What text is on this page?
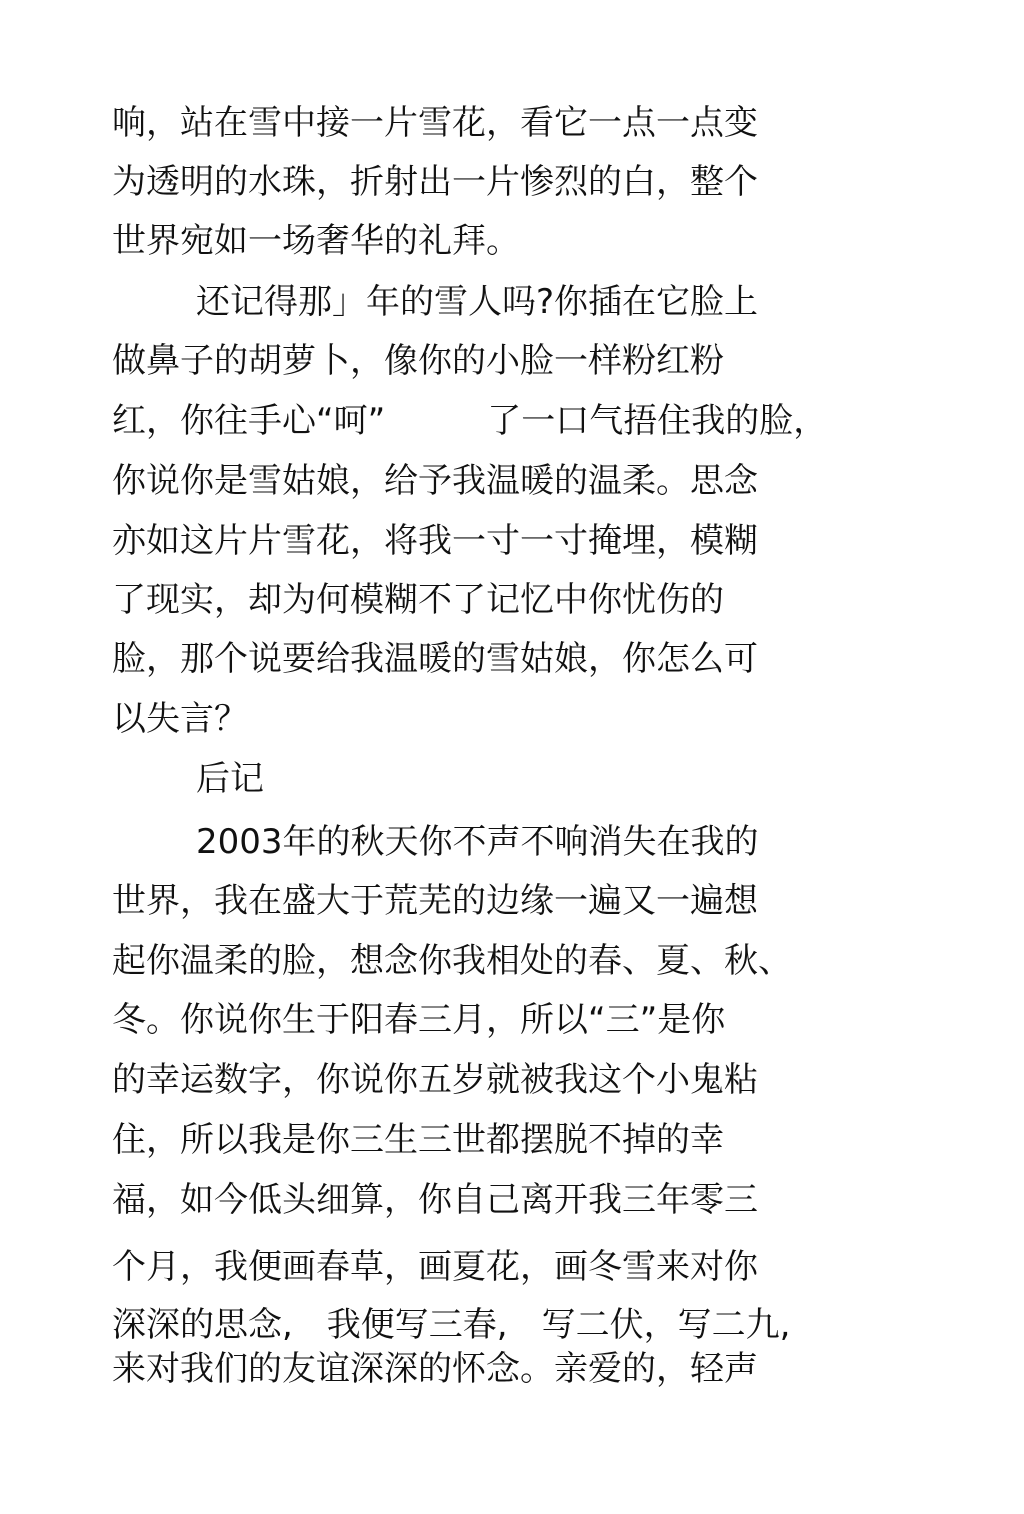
响，站在雪中接一片雪花，看它一点一点变

为透明的水珠，折射出一片惨烈的白，整个

世界宛如一场奢华的礼拜。

还记得那」年的雪人吗?你插在它脸上

做鼻子的胡萝卜，像你的小脸一样粉红粉

红，你往手心“呵”　　　了一口气捂住我的脸，

你说你是雪姑娘，给予我温暖的温柔。思念

亦如这片片雪花，将我一寸一寸掩埋，模糊

了现实，却为何模糊不了记忆中你忧伤的

脸，那个说要给我温暖的雪姑娘，你怎么可

以失言？

后记

2003年的秋天你不声不响消失在我的

世界，我在盛大于荒芜的边缘一遍又一遍想

起你温柔的脸，想念你我相处的春、夏、秋、

冬。你说你生于阳春三月，所以“三”是你

的幸运数字，你说你五岁就被我这个小鬼粘

住，所以我是你三生三世都摆脱不掉的幸

福，如今低头细算，你自己离开我三年零三

个月，我便画春草，画夏花，画冬雪来对你

深深的思念,　我便写三春,　写二伏，写二九,

来对我们的友谊深深的怀念。亲爱的，轻声
